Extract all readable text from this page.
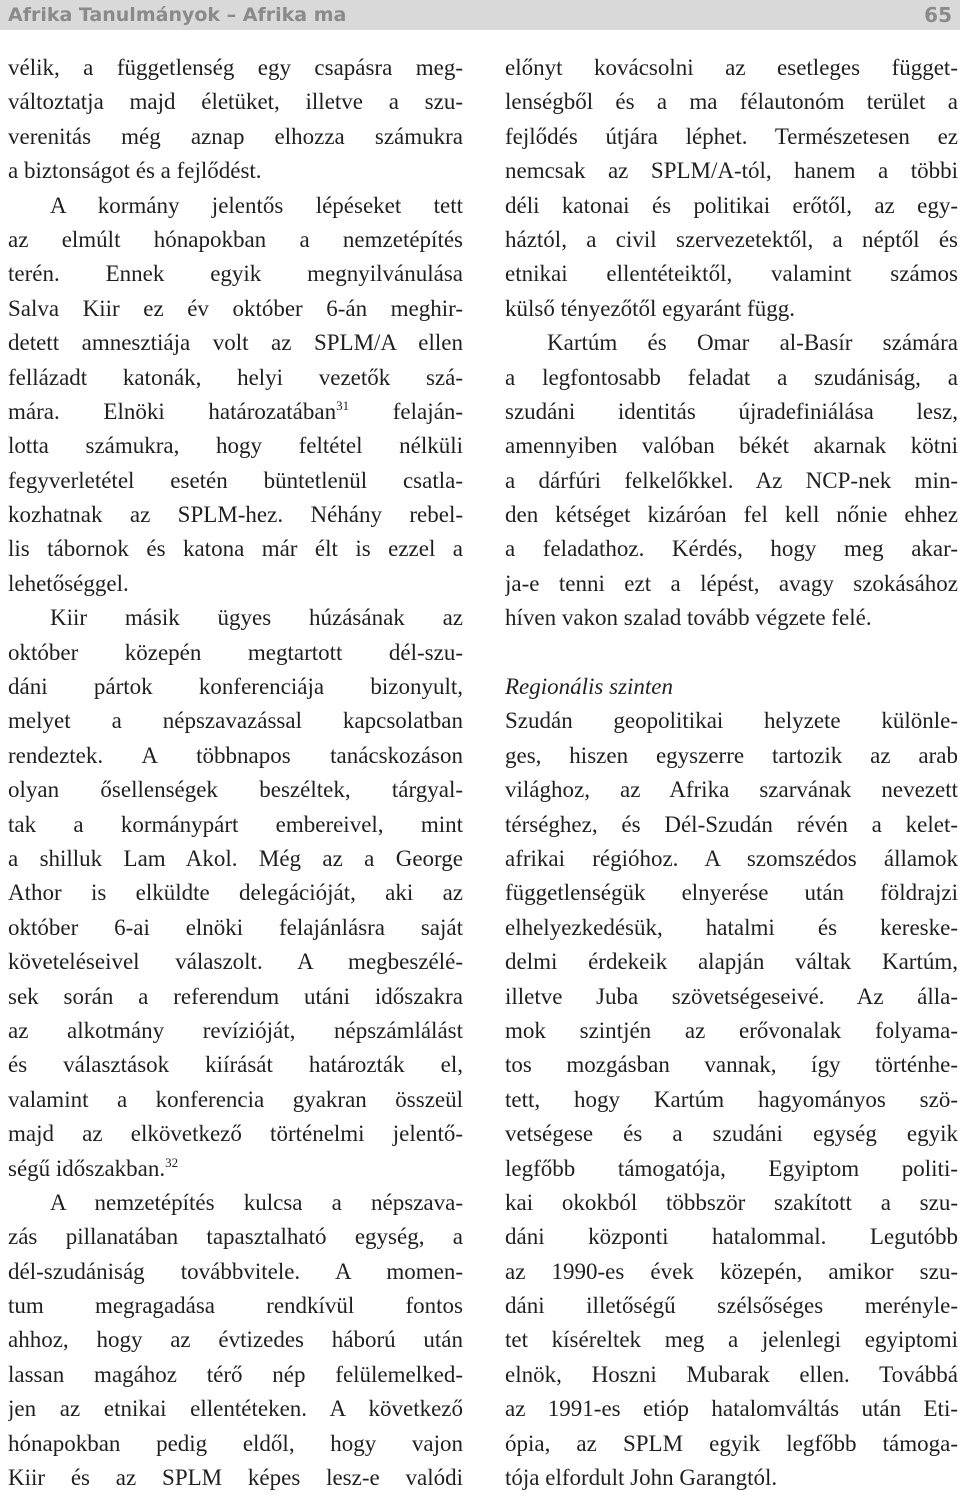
Afrika Tanulmányok – Afrika ma	65
vélik, a függetlenség egy csapásra meg-
változtatja majd életüket, illetve a szu-
verenitás még aznap elhozza számukra
a biztonságot és a fejlődést.
A kormány jelentős lépéseket tett
az elmúlt hónapokban a nemzetépítés
terén. Ennek egyik megnyilvánulása
Salva Kiir ez év október 6-án meghir-
detett amnesztiája volt az SPLM/A ellen
fellázadt katonák, helyi vezetők szá-
mára. Elnöki határozatában$^{31}$ felaján-
lotta számukra, hogy feltétel nélküli
fegyverletétel esetén büntetlenül csatla-
kozhatnak az SPLM-hez. Néhány rebel-
lis tábornok és katona már élt is ezzel a
lehetőséggel.
Kiir másik ügyes húzásának az
október közepén megtartott dél-szu-
dáni pártok konferenciája bizonyult,
melyet a népszavazással kapcsolatban
rendeztek. A többnapos tanácskozáson
olyan ősellenségek beszéltek, tárgyal-
tak a kormánypárt embereivel, mint
a shilluk Lam Akol. Még az a George
Athor is elküldte delegációját, aki az
október 6-ai elnöki felajánlásra saját
követeléseivel válaszolt. A megbeszélé-
sek során a referendum utáni időszakra
az alkotmány revízióját, népszámlálást
és választások kiírását határozták el,
valamint a konferencia gyakran összeül
majd az elkövetkező történelmi jelentő-
ségű időszakban.$^{32}$
A nemzetépítés kulcsa a népszava-
zás pillanatában tapasztalható egység, a
dél-szudániság továbbvitele. A momen-
tum megragadása rendkívül fontos
ahhoz, hogy az évtizedes háború után
lassan magához térő nép felülemelked-
jen az etnikai ellentéteken. A következő
hónapokban pedig eldől, hogy vajon
Kiir és az SPLM képes lesz-e valódi
előnyt kovácsolni az esetleges függet-
lenségből és a ma félautonóm terület a
fejlődés útjára léphet. Természetesen ez
nemcsak az SPLM/A-tól, hanem a többi
déli katonai és politikai erőtől, az egy-
háztól, a civil szervezetektől, a néptől és
etnikai ellentéteiktől, valamint számos
külső tényezőtől egyaránt függ.
Kartúm és Omar al-Basír számára
a legfontosabb feladat a szudániság, a
szudáni identitás újradefiniálása lesz,
amennyiben valóban békét akarnak kötni
a dárfúri felkelőkkel. Az NCP-nek min-
den kétséget kizáróan fel kell nőnie ehhez
a feladathoz. Kérdés, hogy meg akar-
ja-e tenni ezt a lépést, avagy szokásához
híven vakon szalad tovább végzete felé.
Regionális szinten
Szudán geopolitikai helyzete különle-
ges, hiszen egyszerre tartozik az arab
világhoz, az Afrika szarvának nevezett
térséghez, és Dél-Szudán révén a kelet-
afrikai régióhoz. A szomszédos államok
függetlenségük elnyerése után földrajzi
elhelyezkedésük, hatalmi és kereske-
delmi érdekeik alapján váltak Kartúm,
illetve Juba szövetségeseivé. Az álla-
mok szintjén az erővonalak folyama-
tos mozgásban vannak, így történhe-
tett, hogy Kartúm hagyományos szö-
vetségese és a szudáni egység egyik
legfőbb támogatója, Egyiptom politi-
kai okokból többször szakított a szu-
dáni központi hatalommal. Legutóbb
az 1990-es évek közepén, amikor szu-
dáni illetőségű szélsőséges merényle-
tet kíséreltek meg a jelenlegi egyiptomi
elnök, Hoszni Mubarak ellen. Továbbá
az 1991-es etióp hatalomváltás után Eti-
ópia, az SPLM egyik legfőbb támoga-
tója elfordult John Garangtól.
